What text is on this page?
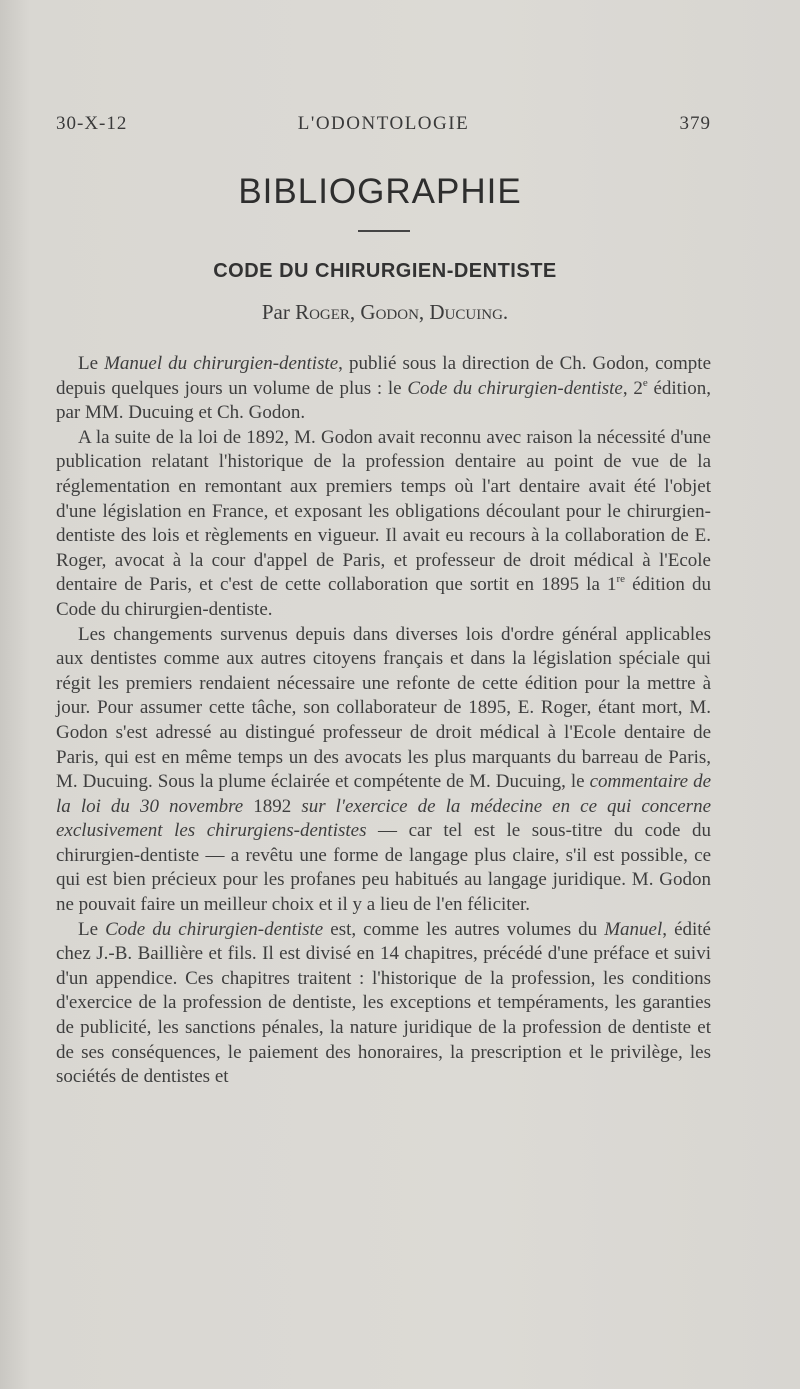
30-X-12	L'ODONTOLOGIE	379
BIBLIOGRAPHIE
CODE DU CHIRURGIEN-DENTISTE
Par Roger, Godon, Ducuing.

Le Manuel du chirurgien-dentiste, publié sous la direction de Ch. Godon, compte depuis quelques jours un volume de plus : le Code du chirurgien-dentiste, 2e édition, par MM. Ducuing et Ch. Godon.

A la suite de la loi de 1892, M. Godon avait reconnu avec raison la nécessité d'une publication relatant l'historique de la profession dentaire au point de vue de la réglementation en remontant aux premiers temps où l'art dentaire avait été l'objet d'une législation en France, et exposant les obligations découlant pour le chirurgien-dentiste des lois et règlements en vigueur. Il avait eu recours à la collaboration de E. Roger, avocat à la cour d'appel de Paris, et professeur de droit médical à l'Ecole dentaire de Paris, et c'est de cette collaboration que sortit en 1895 la 1re édition du Code du chirurgien-dentiste.

Les changements survenus depuis dans diverses lois d'ordre général applicables aux dentistes comme aux autres citoyens français et dans la législation spéciale qui régit les premiers rendaient nécessaire une refonte de cette édition pour la mettre à jour. Pour assumer cette tâche, son collaborateur de 1895, E. Roger, étant mort, M. Godon s'est adressé au distingué professeur de droit médical à l'Ecole dentaire de Paris, qui est en même temps un des avocats les plus marquants du barreau de Paris, M. Ducuing. Sous la plume éclairée et compétente de M. Ducuing, le commentaire de la loi du 30 novembre 1892 sur l'exercice de la médecine en ce qui concerne exclusivement les chirurgiens-dentistes — car tel est le sous-titre du code du chirurgien-dentiste — a revêtu une forme de langage plus claire, s'il est possible, ce qui est bien précieux pour les profanes peu habitués au langage juridique. M. Godon ne pouvait faire un meilleur choix et il y a lieu de l'en féliciter.

Le Code du chirurgien-dentiste est, comme les autres volumes du Manuel, édité chez J.-B. Baillière et fils. Il est divisé en 14 chapitres, précédé d'une préface et suivi d'un appendice. Ces chapitres traitent : l'historique de la profession, les conditions d'exercice de la profession de dentiste, les exceptions et tempéraments, les garanties de publicité, les sanctions pénales, la nature juridique de la profession de dentiste et de ses conséquences, le paiement des honoraires, la prescription et le privilège, les sociétés de dentistes et
